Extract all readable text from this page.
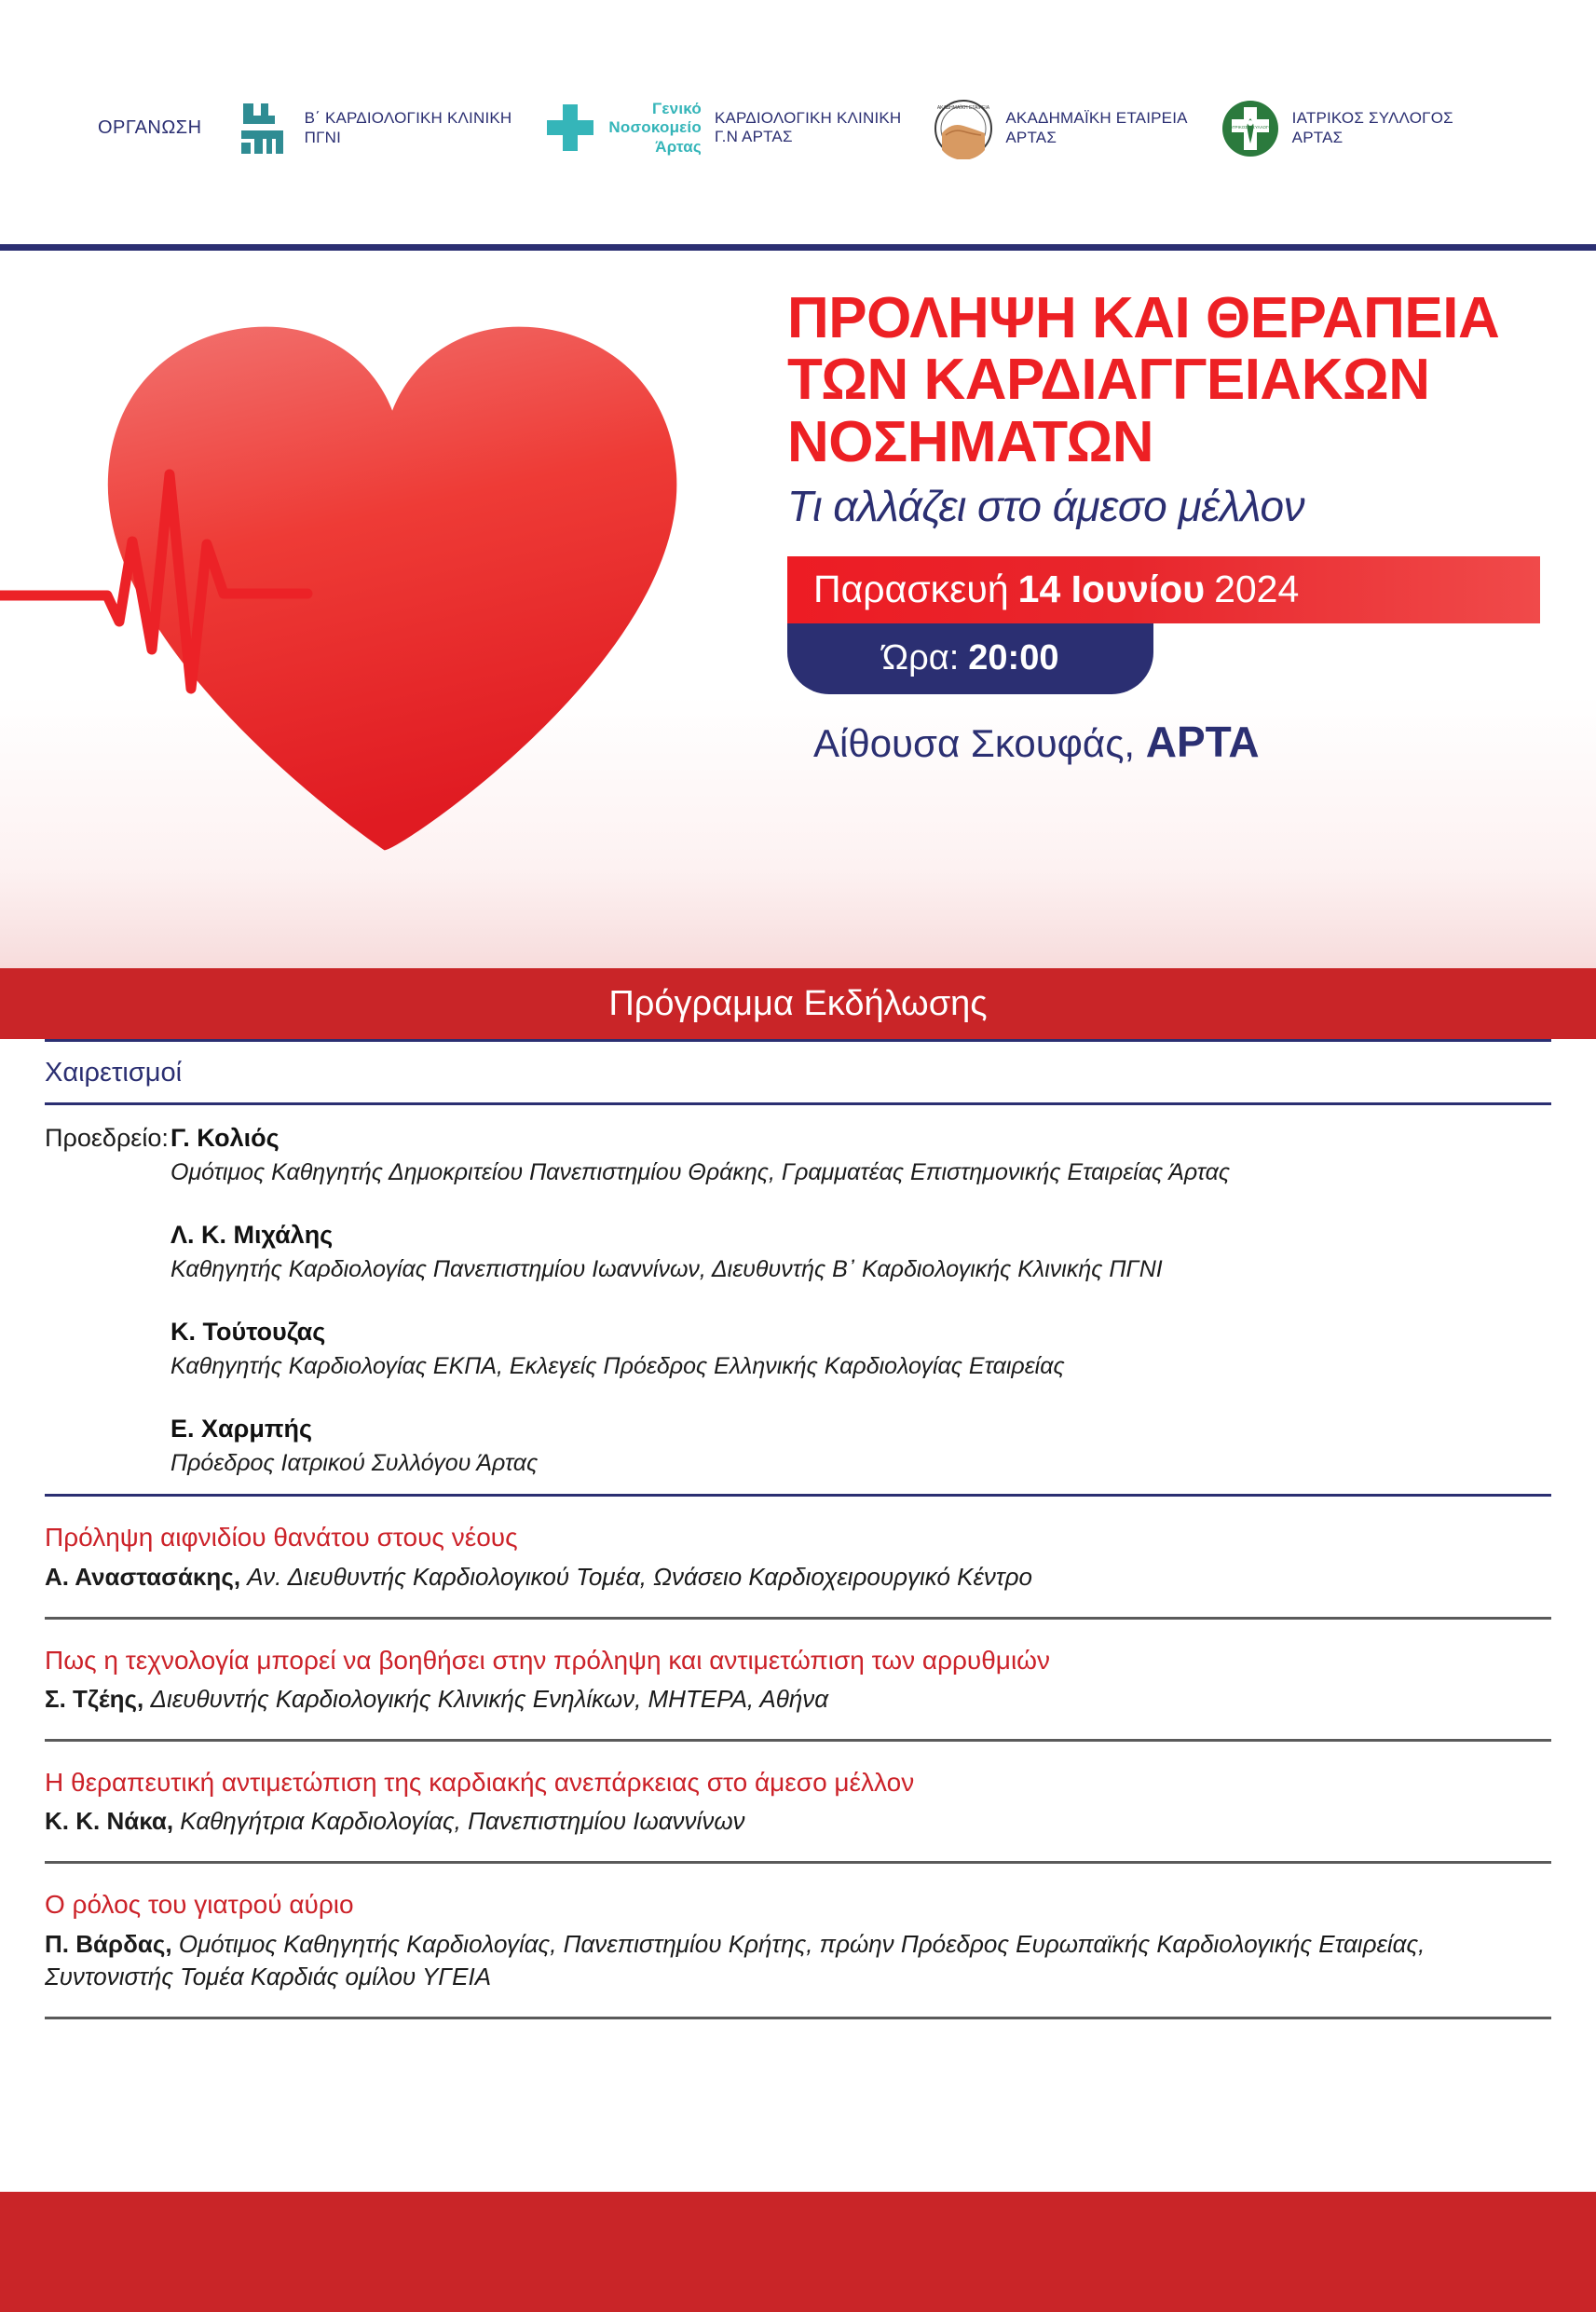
ΟΡΓΑΝΩΣΗ	Β΄ ΚΑΡΔΙΟΛΟΓΙΚΗ ΚΛΙΝΙΚΗ
ΠΓΝΙ
Γενικό
Νοσοκομείο
Άρτας
ΚΑΡΔΙΟΛΟΓΙΚΗ ΚΛΙΝΙΚΗ
Γ.Ν ΑΡΤΑΣ
ΑΚΑΔΗΜΑΪΚΗ ΕΤΑΙΡΕΙΑ
ΑΚΑΔΗΜΑΪΚΗ ΕΤΑΙΡΕΙΑ
ΑΡΤΑΣ
ΙΑΤΡΙΚΟΣ ΣΥΛΛΟΓΟΣ ΙΑΤΡΙΚΟΣ ΣΥΛΛΟΓΟΣ
ΑΡΤΑΣ
ΠΡΟΛΗΨΗ ΚΑΙ ΘΕΡΑΠΕΙΑ
ΤΩΝ ΚΑΡΔΙΑΓΓΕΙΑΚΩΝ
ΝΟΣΗΜΑΤΩΝ
Τι αλλάζει στο άμεσο μέλλον
Παρασκευή 14 Ιουνίου 2024
Ώρα: 20:00
Αίθουσα Σκουφάς, ΑΡΤΑ
Πρόγραμμα Εκδήλωσης
Χαιρετισμοί
Προεδρείο: Γ. Κολιός
Ομότιμος Καθηγητής Δημοκριτείου Πανεπιστημίου Θράκης, Γραμματέας Επιστημονικής Εταιρείας Άρτας
Λ. Κ. Μιχάλης
Καθηγητής Καρδιολογίας Πανεπιστημίου Ιωαννίνων, Διευθυντής Β᾽ Καρδιολογικής Κλινικής ΠΓΝΙ
Κ. Τούτουζας
Καθηγητής Καρδιολογίας ΕΚΠΑ, Εκλεγείς Πρόεδρος Ελληνικής Καρδιολογίας Εταιρείας
Ε. Χαρμπής
Πρόεδρος Ιατρικού Συλλόγου Άρτας
Πρόληψη αιφνιδίου θανάτου στους νέους
Α. Αναστασάκης, Αν. Διευθυντής Καρδιολογικού Τομέα, Ωνάσειο Καρδιοχειρουργικό Κέντρο
Πως η τεχνολογία μπορεί να βοηθήσει στην πρόληψη και αντιμετώπιση των αρρυθμιών
Σ. Τζέης, Διευθυντής Καρδιολογικής Κλινικής Ενηλίκων, ΜΗΤΕΡΑ, Αθήνα
Η θεραπευτική αντιμετώπιση της καρδιακής ανεπάρκειας στο άμεσο μέλλον
Κ. Κ. Νάκα, Καθηγήτρια Καρδιολογίας, Πανεπιστημίου Ιωαννίνων
Ο ρόλος του γιατρού αύριο
Π. Βάρδας, Ομότιμος Καθηγητής Καρδιολογίας, Πανεπιστημίου Κρήτης, πρώην Πρόεδρος Ευρωπαϊκής Καρδιολογικής Εταιρείας, Συντονιστής Τομέα Καρδιάς ομίλου ΥΓΕΙΑ
